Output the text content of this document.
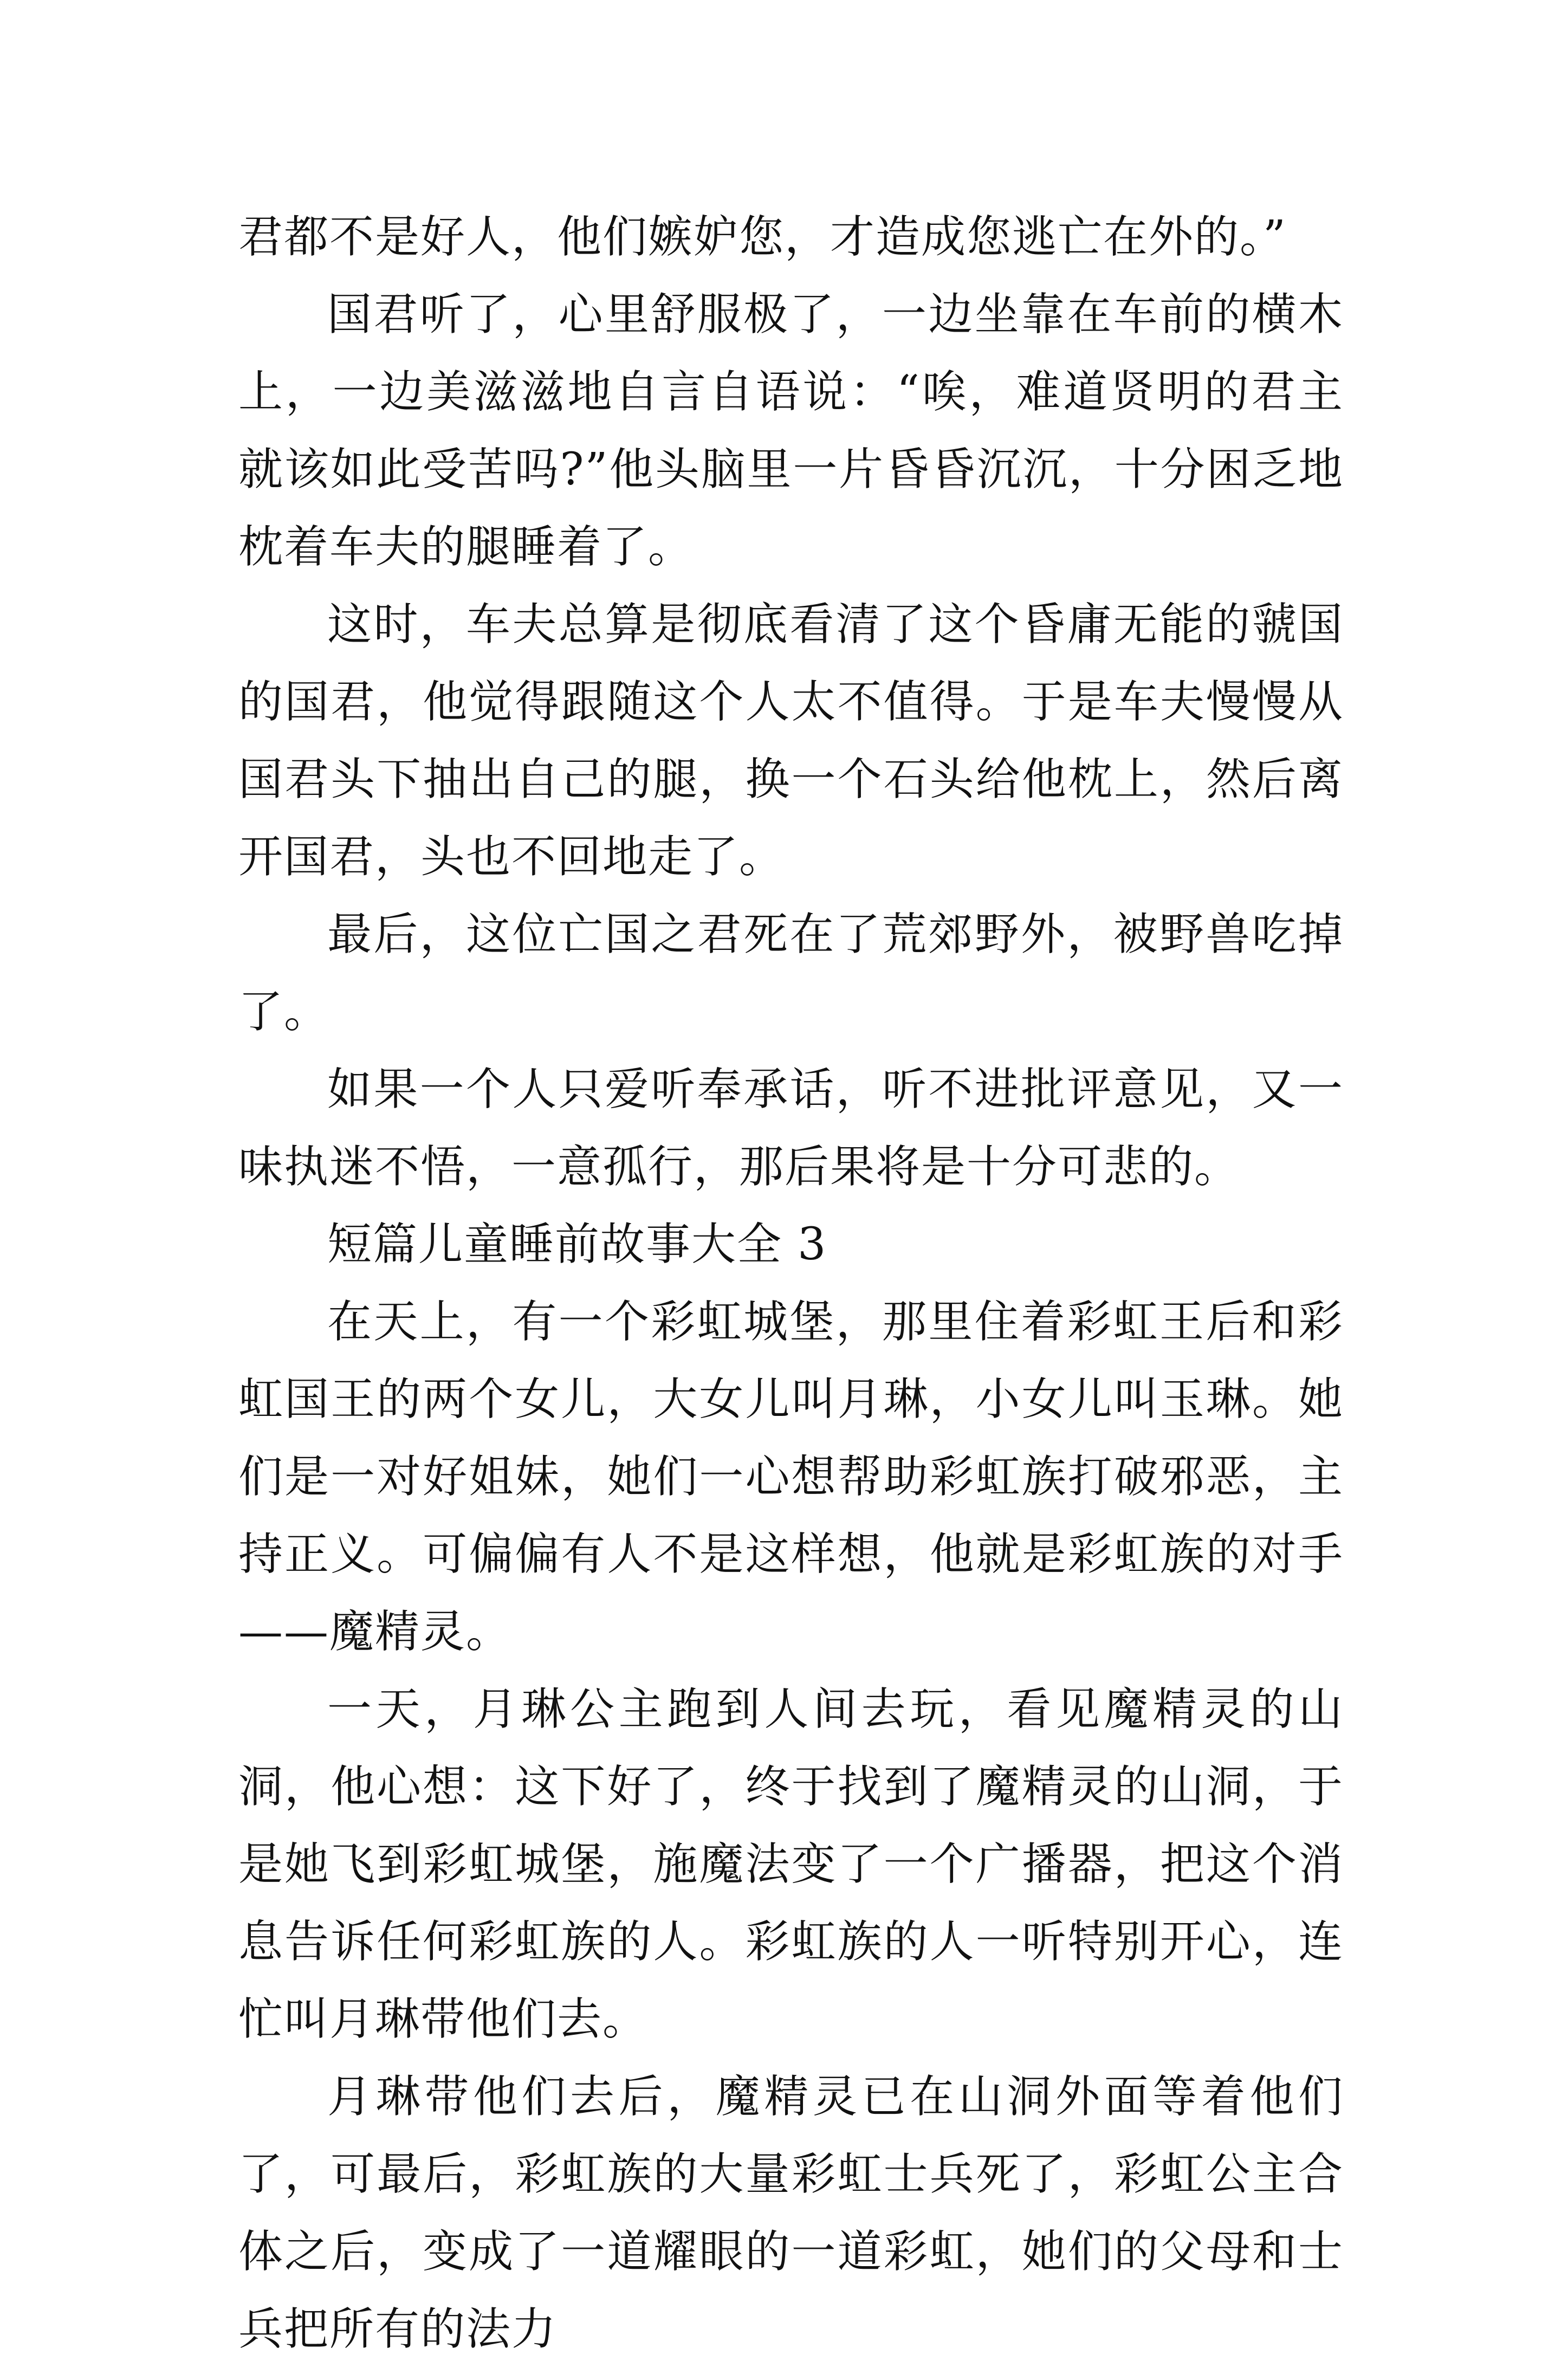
君都不是好人，他们嫉妒您，才造成您逃亡在外的。”

国君听了，心里舒服极了，一边坐靠在车前的横木上，一边美滋滋地自言自语说：“唉，难道贤明的君主就该如此受苦吗?”他头脑里一片昏昏沉沉，十分困乏地枕着车夫的腿睡着了。

这时，车夫总算是彻底看清了这个昏庸无能的虢国的国君，他觉得跟随这个人太不值得。于是车夫慢慢从国君头下抽出自己的腿，换一个石头给他枕上，然后离开国君，头也不回地走了。

最后，这位亡国之君死在了荒郊野外，被野兽吃掉了。

如果一个人只爱听奉承话，听不进批评意见，又一味执迷不悟，一意孤行，那后果将是十分可悲的。

短篇儿童睡前故事大全 3

在天上，有一个彩虹城堡，那里住着彩虹王后和彩虹国王的两个女儿，大女儿叫月琳，小女儿叫玉琳。她们是一对好姐妹，她们一心想帮助彩虹族打破邪恶，主持正义。可偏偏有人不是这样想，他就是彩虹族的对手——魔精灵。

一天，月琳公主跑到人间去玩，看见魔精灵的山洞，他心想：这下好了，终于找到了魔精灵的山洞，于是她飞到彩虹城堡，施魔法变了一个广播器，把这个消息告诉任何彩虹族的人。彩虹族的人一听特别开心，连忙叫月琳带他们去。

月琳带他们去后，魔精灵已在山洞外面等着他们了，可最后，彩虹族的大量彩虹士兵死了，彩虹公主合体之后，变成了一道耀眼的一道彩虹，她们的父母和士兵把所有的法力
